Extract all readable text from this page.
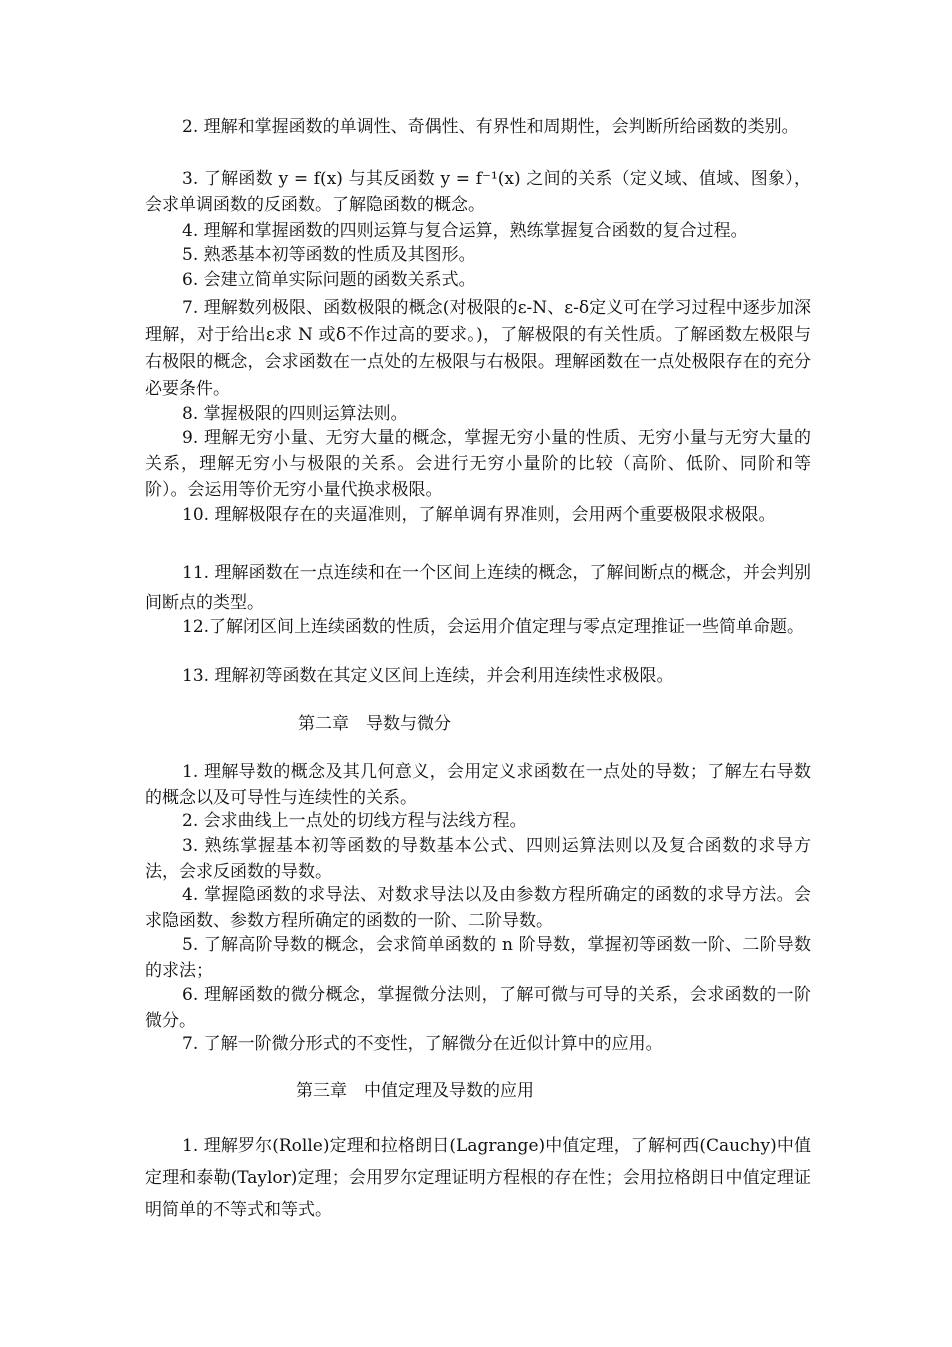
2. 理解和掌握函数的单调性、奇偶性、有界性和周期性，会判断所给函数的类别。

3. 了解函数 y = f(x) 与其反函数 y = f⁻¹(x) 之间的关系（定义域、值域、图象），会求单调函数的反函数。了解隐函数的概念。

4. 理解和掌握函数的四则运算与复合运算，熟练掌握复合函数的复合过程。

5. 熟悉基本初等函数的性质及其图形。

6. 会建立简单实际问题的函数关系式。

7. 理解数列极限、函数极限的概念(对极限的ε-N、ε-δ定义可在学习过程中逐步加深理解，对于给出ε求 N 或δ不作过高的要求。)，了解极限的有关性质。了解函数左极限与右极限的概念，会求函数在一点处的左极限与右极限。理解函数在一点处极限存在的充分必要条件。

8. 掌握极限的四则运算法则。

9. 理解无穷小量、无穷大量的概念，掌握无穷小量的性质、无穷小量与无穷大量的关系，理解无穷小与极限的关系。会进行无穷小量阶的比较（高阶、低阶、同阶和等阶）。会运用等价无穷小量代换求极限。

10. 理解极限存在的夹逼准则，了解单调有界准则，会用两个重要极限求极限。

11. 理解函数在一点连续和在一个区间上连续的概念，了解间断点的概念，并会判别间断点的类型。

12.了解闭区间上连续函数的性质，会运用介值定理与零点定理推证一些简单命题。

13. 理解初等函数在其定义区间上连续，并会利用连续性求极限。

第二章　导数与微分

1. 理解导数的概念及其几何意义，会用定义求函数在一点处的导数；了解左右导数的概念以及可导性与连续性的关系。

2. 会求曲线上一点处的切线方程与法线方程。

3. 熟练掌握基本初等函数的导数基本公式、四则运算法则以及复合函数的求导方法，会求反函数的导数。

4. 掌握隐函数的求导法、对数求导法以及由参数方程所确定的函数的求导方法。会求隐函数、参数方程所确定的函数的一阶、二阶导数。

5. 了解高阶导数的概念，会求简单函数的 n 阶导数，掌握初等函数一阶、二阶导数的求法；

6. 理解函数的微分概念，掌握微分法则，了解可微与可导的关系，会求函数的一阶微分。

7. 了解一阶微分形式的不变性，了解微分在近似计算中的应用。

第三章　中值定理及导数的应用

1. 理解罗尔(Rolle)定理和拉格朗日(Lagrange)中值定理，了解柯西(Cauchy)中值定理和泰勒(Taylor)定理；会用罗尔定理证明方程根的存在性；会用拉格朗日中值定理证明简单的不等式和等式。
